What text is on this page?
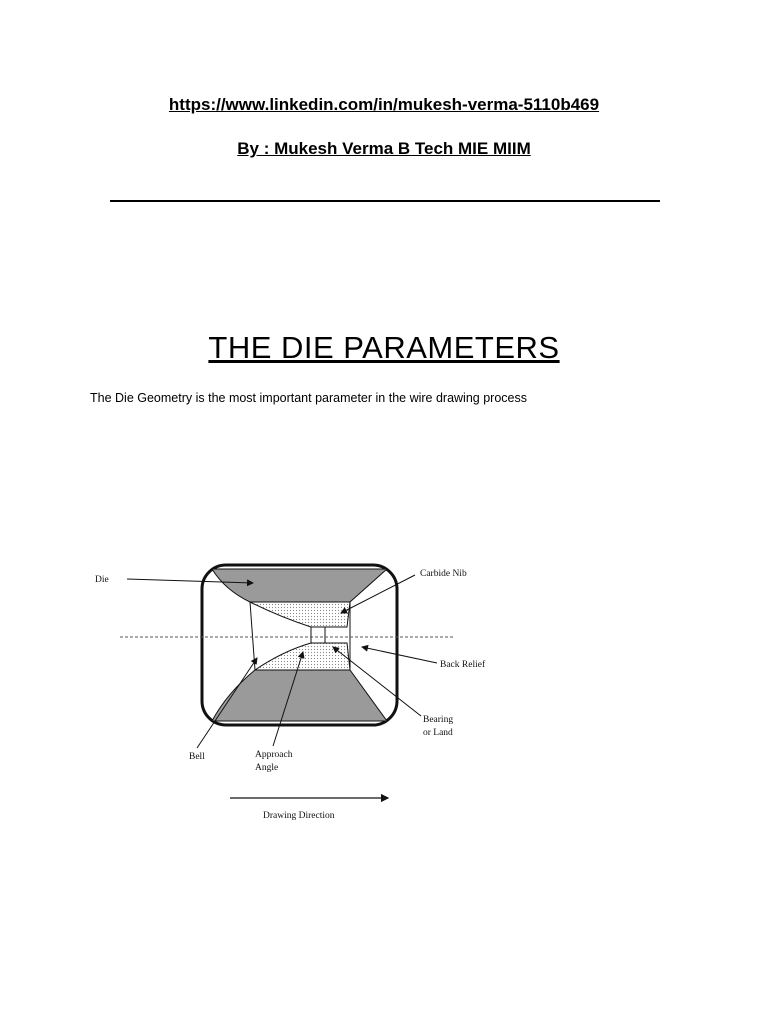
https://www.linkedin.com/in/mukesh-verma-5110b469
By : Mukesh Verma B Tech MIE MIIM
THE DIE PARAMETERS
The Die Geometry is the most important parameter in the wire drawing process
Die
Carbide Nib
Back Relief
Bearing
or Land
Bell	Approach
Angle
Drawing Direction
